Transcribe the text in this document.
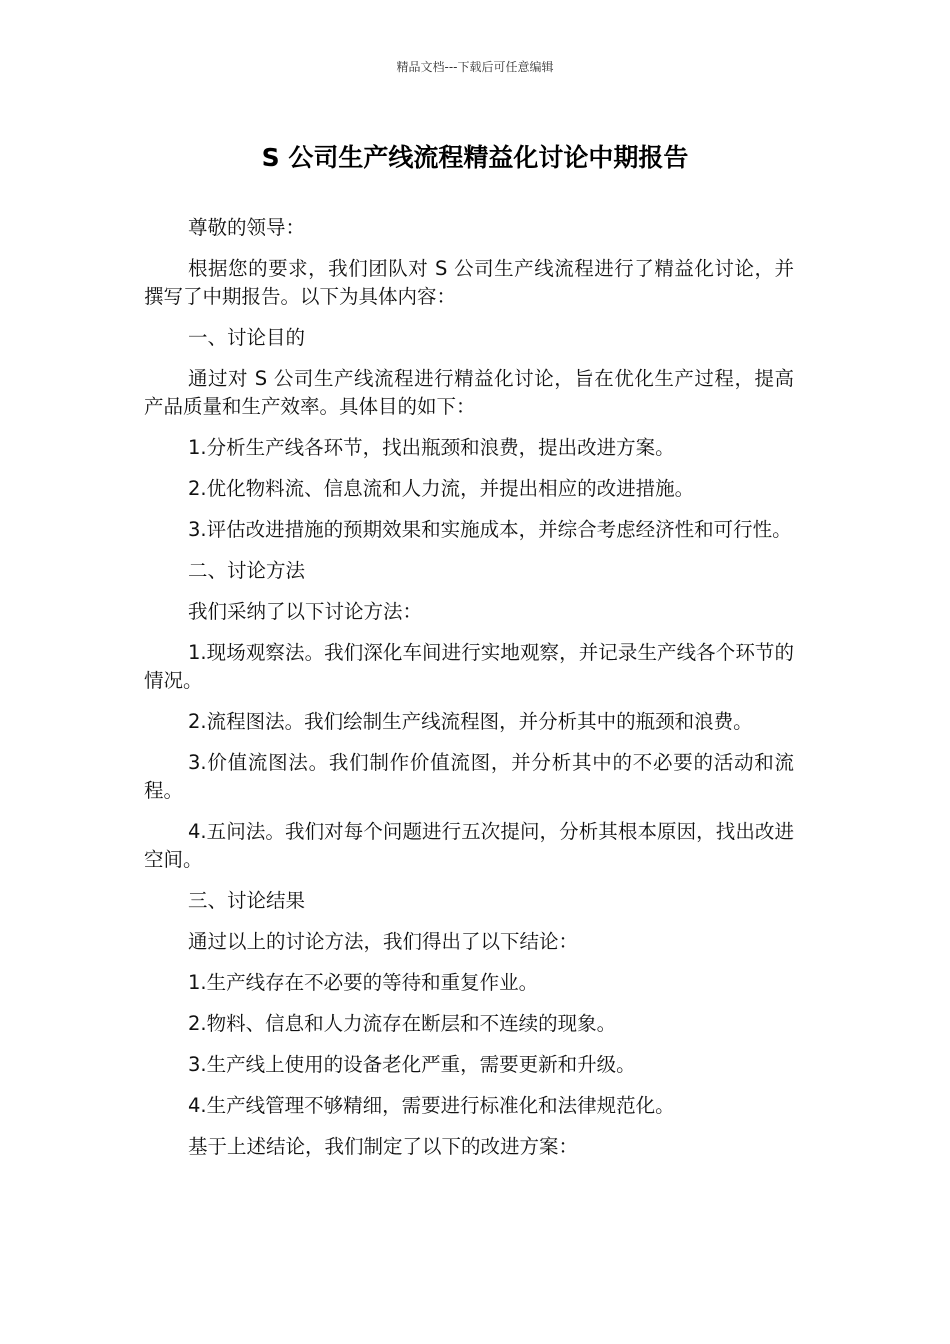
精品文档---下载后可任意编辑
S 公司生产线流程精益化讨论中期报告

尊敬的领导：

根据您的要求，我们团队对 S 公司生产线流程进行了精益化讨论，并撰写了中期报告。以下为具体内容：

一、讨论目的

通过对 S 公司生产线流程进行精益化讨论，旨在优化生产过程，提高产品质量和生产效率。具体目的如下：

1.分析生产线各环节，找出瓶颈和浪费，提出改进方案。

2.优化物料流、信息流和人力流，并提出相应的改进措施。

3.评估改进措施的预期效果和实施成本，并综合考虑经济性和可行性。

二、讨论方法

我们采纳了以下讨论方法：

1.现场观察法。我们深化车间进行实地观察，并记录生产线各个环节的情况。

2.流程图法。我们绘制生产线流程图，并分析其中的瓶颈和浪费。

3.价值流图法。我们制作价值流图，并分析其中的不必要的活动和流程。

4.五问法。我们对每个问题进行五次提问，分析其根本原因，找出改进空间。

三、讨论结果

通过以上的讨论方法，我们得出了以下结论：

1.生产线存在不必要的等待和重复作业。

2.物料、信息和人力流存在断层和不连续的现象。

3.生产线上使用的设备老化严重，需要更新和升级。

4.生产线管理不够精细，需要进行标准化和法律规范化。

基于上述结论，我们制定了以下的改进方案：
